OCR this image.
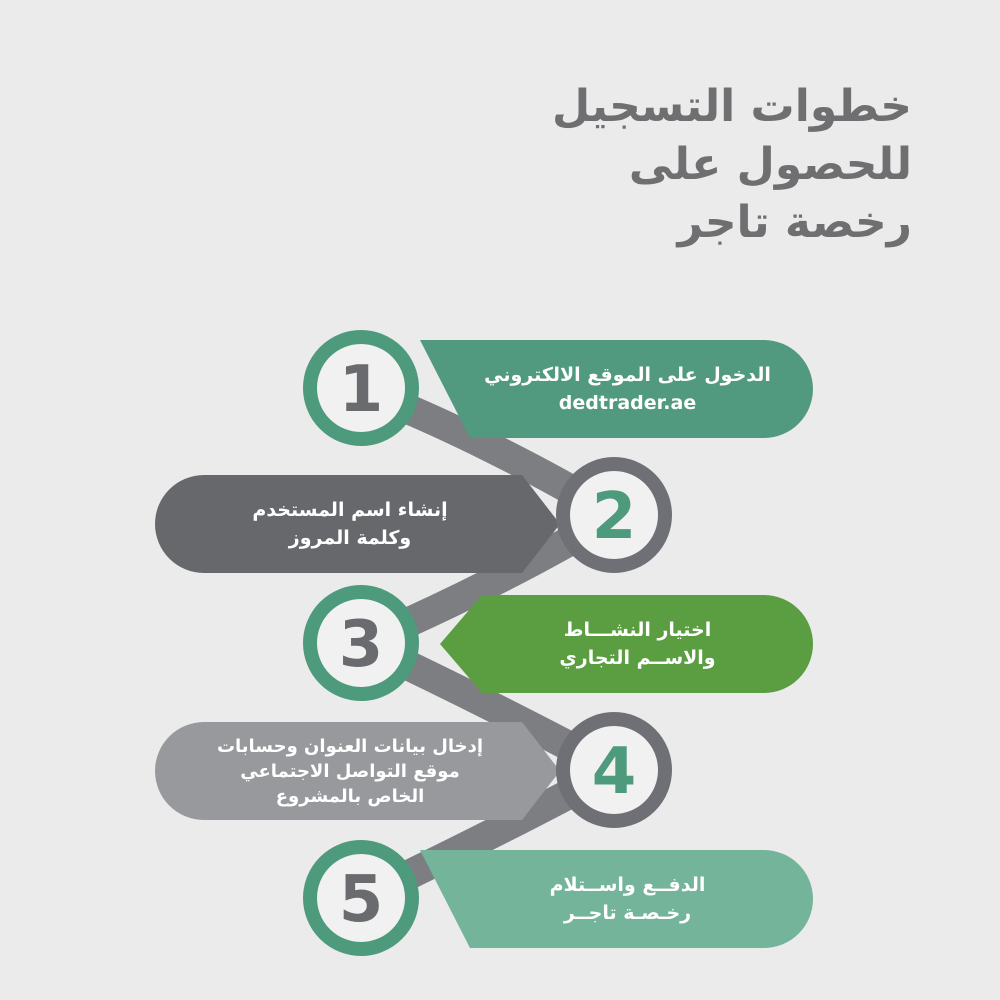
خطوات التسجيل
للحصول على
رخصة تاجر
1
2
3
4
5
الدخول على الموقع الالكتروني
dedtrader.ae
إنشاء اسم المستخدم
وكلمة المروز
اختيار النشـــاط
والاســم التجاري
إدخال بيانات العنوان وحسابات
موقع التواصل الاجتماعي
الخاص بالمشروع
الدفــع واســتلام
رخـصـة تاجــر
